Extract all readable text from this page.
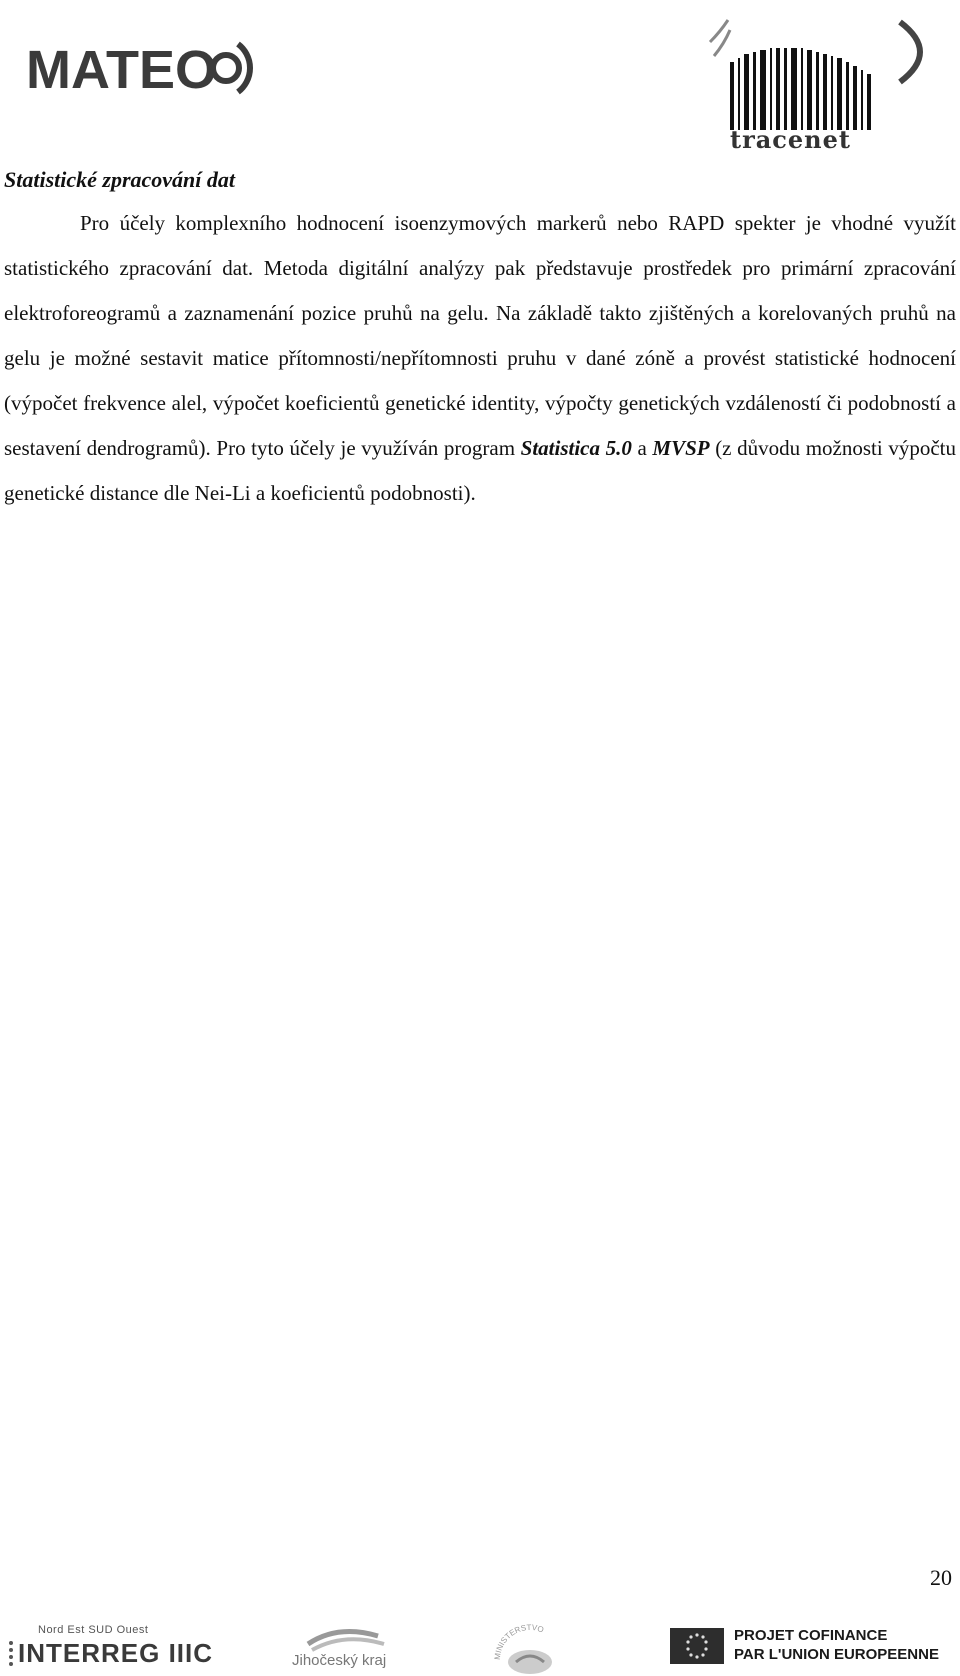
MATEO
tracenet
Statistické zpracování dat

Pro účely komplexního hodnocení isoenzymových markerů nebo RAPD spekter je vhodné využít statistického zpracování dat. Metoda digitální analýzy pak představuje prostředek pro primární zpracování elektroforeogramů a zaznamenání pozice pruhů na gelu. Na základě takto zjištěných a korelovaných pruhů na gelu je možné sestavit matice přítomnosti/nepřítomnosti pruhu v dané zóně a provést statistické hodnocení (výpočet frekvence alel, výpočet koeficientů genetické identity, výpočty genetických vzdáleností či podobností a sestavení dendrogramů). Pro tyto účely je využíván program Statistica 5.0 a MVSP (z důvodu možnosti výpočtu genetické distance dle Nei-Li a koeficientů podobnosti).

20
Nord Est SUD Ouest
INTERREG IIIC	Jihočeský kraj	MINISTERSTVO	PROJET COFINANCE
PAR L'UNION EUROPEENNE
